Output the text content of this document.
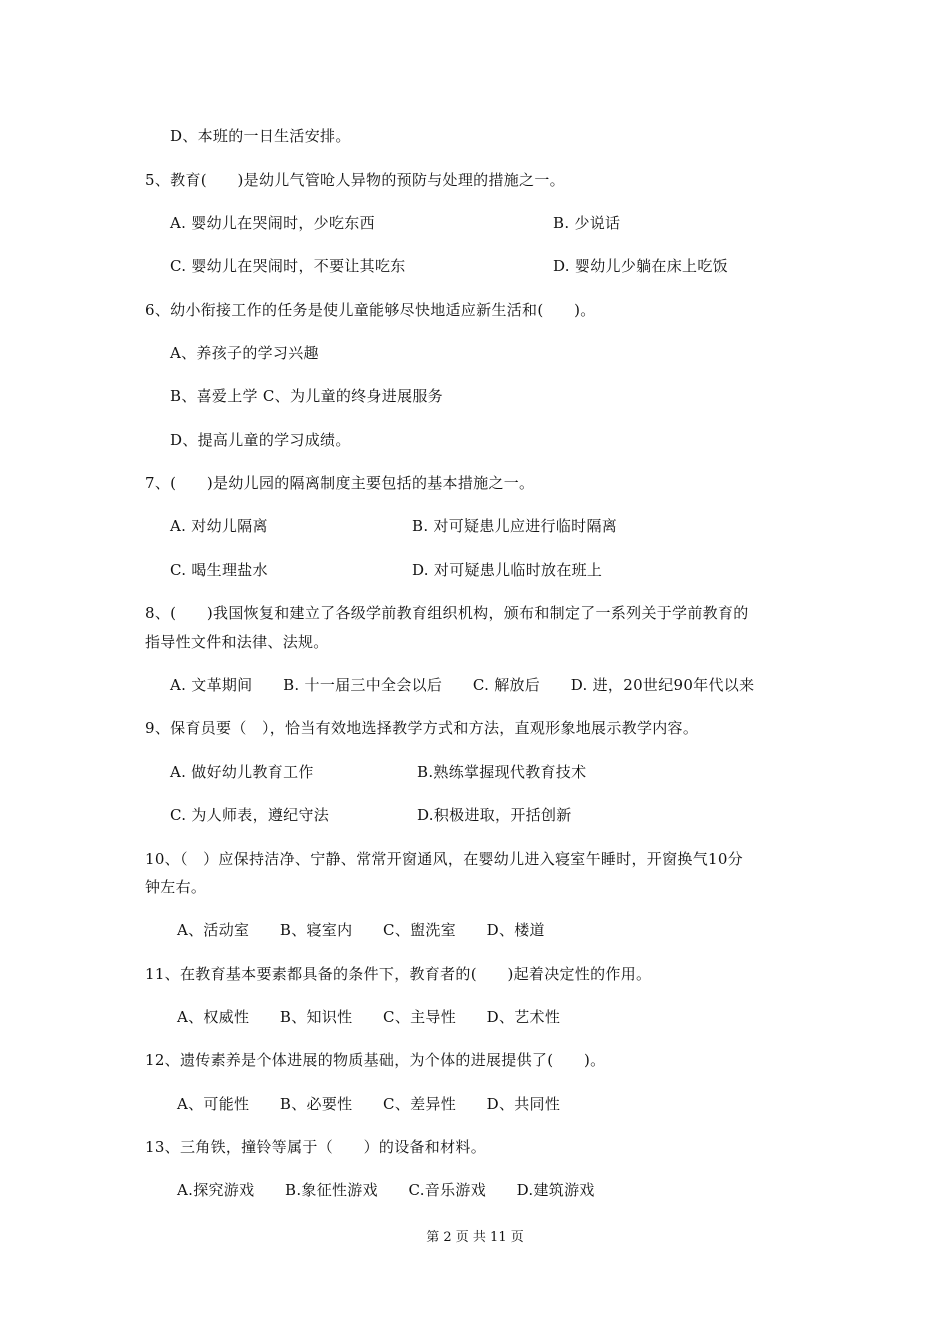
D、本班的一日生活安排。
5、教育(　　)是幼儿气管呛人异物的预防与处理的措施之一。
A. 婴幼儿在哭闹时，少吃东西	B. 少说话
C. 婴幼儿在哭闹时，不要让其吃东	D. 婴幼儿少躺在床上吃饭
6、幼小衔接工作的任务是使儿童能够尽快地适应新生活和(　　)。
A、养孩子的学习兴趣
B、喜爱上学 C、为儿童的终身进展服务
D、提高儿童的学习成绩。
7、(　　)是幼儿园的隔离制度主要包括的基本措施之一。
A. 对幼儿隔离	B. 对可疑患儿应进行临时隔离
C. 喝生理盐水	D. 对可疑患儿临时放在班上
8、(　　)我国恢复和建立了各级学前教育组织机构，颁布和制定了一系列关于学前教育的
指导性文件和法律、法规。
A. 文革期间　　B. 十一届三中全会以后　　C. 解放后　　D. 进，20世纪90年代以来
9、保育员要（　），恰当有效地选择教学方式和方法，直观形象地展示教学内容。
A. 做好幼儿教育工作	B.熟练掌握现代教育技术
C. 为人师表，遵纪守法	D.积极进取，开括创新
10、（　）应保持洁净、宁静、常常开窗通风，在婴幼儿进入寝室午睡时，开窗换气10分
钟左右。
A、活动室　　B、寝室内　　C、盥洗室　　D、楼道
11、在教育基本要素都具备的条件下，教育者的(　　)起着决定性的作用。
A、权威性　　B、知识性　　C、主导性　　D、艺术性
12、遗传素养是个体进展的物质基础，为个体的进展提供了(　　)。
A、可能性　　B、必要性　　C、差异性　　D、共同性
13、三角铁，撞铃等属于（　　）的设备和材料。
A.探究游戏　　B.象征性游戏　　C.音乐游戏　　D.建筑游戏
第 2 页 共 11 页
